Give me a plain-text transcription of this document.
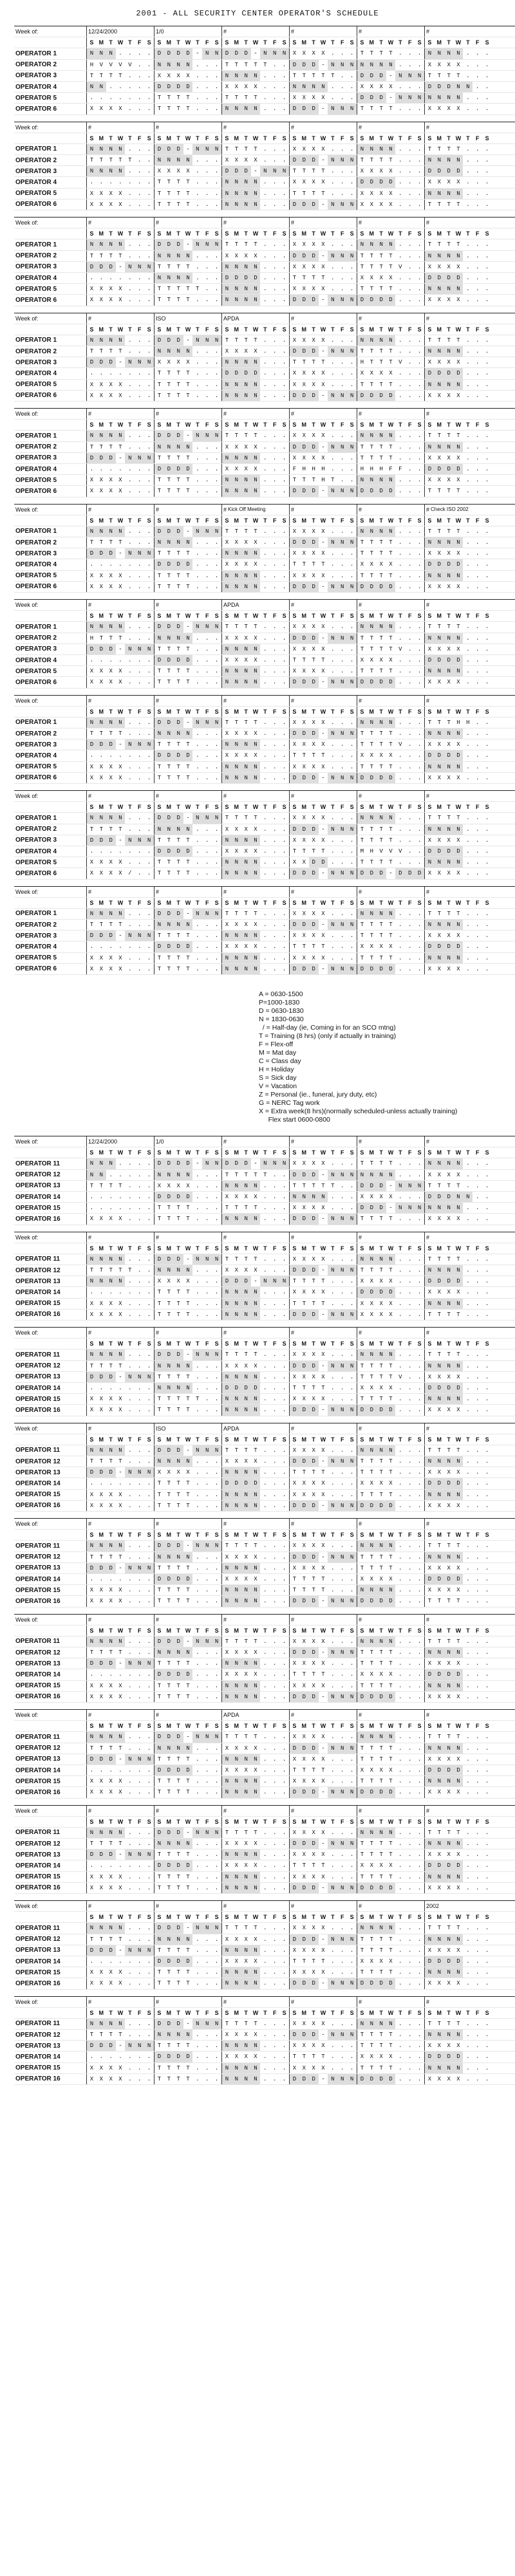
2001 - ALL SECURITY CENTER OPERATOR'S SCHEDULE
Week of:	12/24/2000	1/0	#	#	#	#
S M T W T	F	S	S M T W T	F	S	S M T W T	F	S	S M T W T	F	S	S M T W T	F	S	S M T W T	F	S
OPERATOR 1	N	N	N	.	.	.	.	D	D	D	D	-	N	N	D	D	D	-	N	N	N	X	X	X	X	.	.	.	T	T	T	T	.	.	.	N	N	N	N	.	.	.
OPERATOR 2	H	V	V	V	V	.	.	N	N	N	N	.	.	.	T	T	T	T	T	.	.	D	D	D	-	N	N	N	N	N	N	N	.	.	.	X	X	X	X	.	.	.
OPERATOR 3	T	T	T	T	.	.	.	X	X	X	X	.	.	.	N	N	N	N	.	.	.	T	T	T	T	T	.	.	D	D	D	-	N	N	N	T	T	T	T	.	.	.
OPERATOR 4	N	N	.	.	.	.	.	D	D	D	D	.	.	.	X	X	X	X	.	.	.	N	N	N	N	.	.	.	X	X	X	X	.	.	.	D	D	D	N	N	.	.
OPERATOR 5	.	.	.	.	.	.	.	T	T	T	T	.	.	.	T	T	T	T	.	.	.	X	X	X	X	.	.	.	D	D	D	-	N	N	N	N	N	N	N	.	.	.
OPERATOR 6	X	X	X	X	.	.	.	T	T	T	T	.	.	.	N	N	N	N	.	.	.	D	D	D	-	N	N	N	T	T	T	T	.	.	.	X	X	X	X	.	.	.
Week of:	#	#	#	#	#	#
S M T W T	F	S	S M T W T	F	S	S M T W T	F	S	S M T W T	F	S	S M T W T	F	S	S M T W T	F	S
OPERATOR 1	N	N	N	N	.	.	.	D	D	D	-	N	N	N	T	T	T	T	.	.	.	X	X	X	X	.	.	.	N	N	N	N	.	.	.	T	T	T	T	.	.	.
OPERATOR 2	T	T	T	T	T	.	.	N	N	N	N	.	.	.	X	X	X	X	.	.	.	D	D	D	-	N	N	N	T	T	T	T	.	.	.	N	N	N	N	.	.	.
OPERATOR 3	N	N	N	N	.	.	.	X	X	X	X	.	.	.	D	D	D	-	N	N	N	T	T	T	T	.	.	.	X	X	X	X	.	.	.	D	D	D	D	.	.	.
OPERATOR 4	.	.	.	.	.	.	.	T	T	T	T	.	.	.	N	N	N	N	.	.	.	X	X	X	X	.	.	.	D	D	D	D	.	.	.	X	X	X	X	.	.	.
OPERATOR 5	X	X	X	X	.	.	.	T	T	T	T	.	.	.	N	N	N	N	.	.	.	T	T	T	T	.	.	.	X	X	X	X	.	.	.	N	N	N	N	.	.	.
OPERATOR 6	X	X	X	X	.	.	.	T	T	T	T	.	.	.	N	N	N	N	.	.	.	D	D	D	-	N	N	N	X	X	X	X	.	.	.	T	T	T	T	.	.	.
Week of:	#	#	#	#	#	#
S M T W T	F	S	S M T W T	F	S	S M T W T	F	S	S M T W T	F	S	S M T W T	F	S	S M T W T	F	S
OPERATOR 1	N	N	N	N	.	.	.	D	D	D	-	N	N	N	T	T	T	T	.	.	.	X	X	X	X	.	.	.	N	N	N	N	.	.	.	T	T	T	T	.	.	.
OPERATOR 2	T	T	T	T	.	.	.	N	N	N	N	.	.	.	X	X	X	X	.	.	.	D	D	D	-	N	N	N	T	T	T	T	.	.	.	N	N	N	N	.	.	.
OPERATOR 3	D	D	D	-	N	N	N	T	T	T	T	.	.	.	N	N	N	N	.	.	.	X	X	X	X	.	.	.	T	T	T	T	V	.	.	X	X	X	X	.	.	.
OPERATOR 4	.	.	.	.	.	.	.	N	N	N	N	.	.	.	D	D	D	D	.	.	.	T	T	T	T	.	.	.	X	X	X	X	.	.	.	D	D	D	D	.	.	.
OPERATOR 5	X	X	X	X	.	.	.	T	T	T	T	T	.	.	N	N	N	N	.	.	.	X	X	X	X	.	.	.	T	T	T	T	.	.	.	N	N	N	N	.	.	.
OPERATOR 6	X	X	X	X	.	.	.	T	T	T	T	.	.	.	N	N	N	N	.	.	.	D	D	D	-	N	N	N	D	D	D	D	.	.	.	X	X	X	X	.	.	.
Week of:	#	ISO	APDA	#	#	#
S M T W T	F	S	S M T W T	F	S	S M T W T	F	S	S M T W T	F	S	S M T W T	F	S	S M T W T	F	S
OPERATOR 1	N	N	N	N	.	.	.	D	D	D	-	N	N	N	T	T	T	T	.	.	.	X	X	X	X	.	.	.	N	N	N	N	.	.	.	T	T	T	T	.	.	.
OPERATOR 2	T	T	T	T	.	.	.	N	N	N	N	.	.	.	X	X	X	X	.	.	.	D	D	D	-	N	N	N	T	T	T	T	.	.	.	N	N	N	N	.	.	.
OPERATOR 3	D	D	D	-	N	N	N	X	X	X	X	.	.	.	N	N	N	N	.	.	.	T	T	T	T	.	.	.	H	T	T	T	V	.	.	X	X	X	X	.	.	.
OPERATOR 4	.	.	.	.	.	.	.	T	T	T	T	.	.	.	D	D	D	D	.	.	.	X	X	X	X	.	.	.	X	X	X	X	.	.	.	D	D	D	D	.	.	.
OPERATOR 5	X	X	X	X	.	.	.	T	T	T	T	.	.	.	N	N	N	N	.	.	.	X	X	X	X	.	.	.	T	T	T	T	.	.	.	N	N	N	N	.	.	.
OPERATOR 6	X	X	X	X	.	.	.	T	T	T	T	.	.	.	N	N	N	N	.	.	.	D	D	D	-	N	N	N	D	D	D	D	.	.	.	X	X	X	X	.	.	.
Week of:	#	#	#	#	#	#
S M T W T	F	S	S M T W T	F	S	S M T W T	F	S	S M T W T	F	S	S M T W T	F	S	S M T W T	F	S
OPERATOR 1	N	N	N	N	.	.	.	D	D	D	-	N	N	N	T	T	T	T	.	.	.	X	X	X	X	.	.	.	N	N	N	N	.	.	.	T	T	T	T	.	.	.
OPERATOR 2	T	T	T	T	.	.	.	N	N	N	N	.	.	.	X	X	X	X	.	.	.	D	D	D	-	N	N	N	T	T	T	T	.	.	.	N	N	N	N	.	.	.
OPERATOR 3	D	D	D	-	N	N	N	T	T	T	T	.	.	.	N	N	N	N	.	.	.	X	X	X	X	.	.	.	T	T	T	T	.	.	.	X	X	X	X	.	.	.
OPERATOR 4	.	.	.	.	.	.	.	D	D	D	D	.	.	.	X	X	X	X	.	.	.	F	H	H	H	.	.	.	H	H	H	F	F	.	.	D	D	D	D	.	.	.
OPERATOR 5	X	X	X	X	.	.	.	T	T	T	T	.	.	.	N	N	N	N	.	.	.	T	T	T	H	T	.	.	N	N	N	N	.	.	.	X	X	X	X	.	.	.
OPERATOR 6	X	X	X	X	.	.	.	T	T	T	T	.	.	.	N	N	N	N	.	.	.	D	D	D	-	N	N	N	D	D	D	D	.	.	.	T	T	T	T	.	.	.
Week of:	#	#	# Kick Off Meeting	#	#	# Check ISO 2002
S M T W T	F	S	S M T W T	F	S	S M T W T	F	S	S M T W T	F	S	S M T W T	F	S	S M T W T	F	S
OPERATOR 1	N	N	N	N	.	.	.	D	D	D	-	N	N	N	T	T	T	T	.	.	.	X	X	X	X	.	.	.	N	N	N	N	.	.	.	T	T	T	T	.	.	.
OPERATOR 2	T	T	T	T	.	.	.	N	N	N	N	.	.	.	X	X	X	X	.	.	.	D	D	D	-	N	N	N	T	T	T	T	.	.	.	N	N	N	N	.	.	.
OPERATOR 3	D	D	D	-	N	N	N	T	T	T	T	.	.	.	N	N	N	N	.	.	.	X	X	X	X	.	.	.	T	T	T	T	.	.	.	X	X	X	X	.	.	.
OPERATOR 4	.	.	.	.	.	.	.	D	D	D	D	.	.	.	X	X	X	X	.	.	.	T	T	T	T	.	.	.	X	X	X	X	.	.	.	D	D	D	D	.	.	.
OPERATOR 5	X	X	X	X	.	.	.	T	T	T	T	.	.	.	N	N	N	N	.	.	.	X	X	X	X	.	.	.	T	T	T	T	.	.	.	N	N	N	N	.	.	.
OPERATOR 6	X	X	X	X	.	.	.	T	T	T	T	.	.	.	N	N	N	N	.	.	.	D	D	D	-	N	N	N	D	D	D	D	.	.	.	X	X	X	X	.	.	.
Week of:	#	#	APDA	#	#	#
S M T W T	F	S	S M T W T	F	S	S M T W T	F	S	S M T W T	F	S	S M T W T	F	S	S M T W T	F	S
OPERATOR 1	N	N	N	N	.	.	.	D	D	D	-	N	N	N	T	T	T	T	.	.	.	X	X	X	X	.	.	.	N	N	N	N	.	.	.	T	T	T	T	.	.	.
OPERATOR 2	H	T	T	T	.	.	.	N	N	N	N	.	.	.	X	X	X	X	.	.	.	D	D	D	-	N	N	N	T	T	T	T	.	.	.	N	N	N	N	.	.	.
OPERATOR 3	D	D	D	-	N	N	N	T	T	T	T	.	.	.	N	N	N	N	.	.	.	X	X	X	X	.	.	.	T	T	T	T	V	.	.	X	X	X	X	.	.	.
OPERATOR 4	.	.	.	.	.	.	.	D	D	D	D	.	.	.	X	X	X	X	.	.	.	T	T	T	T	.	.	.	X	X	X	X	.	.	.	D	D	D	D	.	.	.
OPERATOR 5	X	X	X	X	.	.	.	T	T	T	T	.	.	.	N	N	N	N	.	.	.	X	X	X	X	.	.	.	T	T	T	T	.	.	.	N	N	N	N	.	.	.
OPERATOR 6	X	X	X	X	.	.	.	T	T	T	T	.	.	.	N	N	N	N	.	.	.	D	D	D	-	N	N	N	D	D	D	D	.	.	.	X	X	X	X	.	.	.
Week of:	#	#	#	#	#	#
S M T W T	F	S	S M T W T	F	S	S M T W T	F	S	S M T W T	F	S	S M T W T	F	S	S M T W T	F	S
OPERATOR 1	N	N	N	N	.	.	.	D	D	D	-	N	N	N	T	T	T	T	.	.	.	X	X	X	X	.	.	.	N	N	N	N	.	.	.	T	T	T	H	H	.	.
OPERATOR 2	T	T	T	T	.	.	.	N	N	N	N	.	.	.	X	X	X	X	.	.	.	D	D	D	-	N	N	N	T	T	T	T	.	.	.	N	N	N	N	.	.	.
OPERATOR 3	D	D	D	-	N	N	N	T	T	T	T	.	.	.	N	N	N	N	.	.	.	X	X	X	X	.	.	.	T	T	T	T	V	.	.	X	X	X	X	.	.	.
OPERATOR 4	.	.	.	.	.	.	.	D	D	D	D	.	.	.	X	X	X	X	.	.	.	T	T	T	T	.	.	.	X	X	X	X	.	.	.	D	D	D	D	.	.	.
OPERATOR 5	X	X	X	X	.	.	.	T	T	T	T	.	.	.	N	N	N	N	.	.	.	X	X	X	X	.	.	.	T	T	T	T	.	.	.	N	N	N	N	.	.	.
OPERATOR 6	X	X	X	X	.	.	.	T	T	T	T	.	.	.	N	N	N	N	.	.	.	D	D	D	-	N	N	N	D	D	D	D	.	.	.	X	X	X	X	.	.	.
Week of:	#	#	#	#	#	#
S M T W T	F	S	S M T W T	F	S	S M T W T	F	S	S M T W T	F	S	S M T W T	F	S	S M T W T	F	S
OPERATOR 1	N	N	N	N	.	.	.	D	D	D	-	N	N	N	T	T	T	T	.	.	.	X	X	X	X	.	.	.	N	N	N	N	.	.	.	T	T	T	T	.	.	.
OPERATOR 2	T	T	T	T	.	.	.	N	N	N	N	.	.	.	X	X	X	X	.	.	.	D	D	D	-	N	N	N	T	T	T	T	.	.	.	N	N	N	N	.	.	.
OPERATOR 3	D	D	D	-	N	N	N	T	T	T	T	.	.	.	N	N	N	N	.	.	.	X	X	X	X	.	.	.	T	T	T	T	.	.	.	X	X	X	X	.	.	.
OPERATOR 4	.	.	.	.	.	.	.	D	D	D	D	.	.	.	X	X	X	X	.	.	.	T	T	T	T	.	.	.	M	H	V	V	V	.	.	D	D	D	D	.	.	.
OPERATOR 5	X	X	X	X	.	.	.	T	T	T	T	.	.	.	N	N	N	N	.	.	.	X	X	D	D	.	.	.	T	T	T	T	.	.	.	N	N	N	N	.	.	.
OPERATOR 6	X	X	X	X	/	.	.	T	T	T	T	.	.	.	N	N	N	N	.	.	.	D	D	D	-	N	N	N	D	D	D	-	D	D	D	X	X	X	X	.	.	.
Week of:	#	#	#	#	#	#
S M T W T	F	S	S M T W T	F	S	S M T W T	F	S	S M T W T	F	S	S M T W T	F	S	S M T W T	F	S
OPERATOR 1	N	N	N	N	.	.	.	D	D	D	-	N	N	N	T	T	T	T	.	.	.	X	X	X	X	.	.	.	N	N	N	N	.	.	.	T	T	T	T	.	.	.
OPERATOR 2	T	T	T	T	.	.	.	N	N	N	N	.	.	.	X	X	X	X	.	.	.	D	D	D	-	N	N	N	T	T	T	T	.	.	.	N	N	N	N	.	.	.
OPERATOR 3	D	D	D	-	N	N	N	T	T	T	T	.	.	.	N	N	N	N	.	.	.	X	X	X	X	.	.	.	T	T	T	T	.	.	.	X	X	X	X	.	.	.
OPERATOR 4	.	.	.	.	.	.	.	D	D	D	D	.	.	.	X	X	X	X	.	.	.	T	T	T	T	.	.	.	X	X	X	X	.	.	.	D	D	D	D	.	.	.
OPERATOR 5	X	X	X	X	.	.	.	T	T	T	T	.	.	.	N	N	N	N	.	.	.	X	X	X	X	.	.	.	T	T	T	T	.	.	.	N	N	N	N	.	.	.
OPERATOR 6	X	X	X	X	.	.	.	T	T	T	T	.	.	.	N	N	N	N	.	.	.	D	D	D	-	N	N	N	D	D	D	D	.	.	.	X	X	X	X	.	.	.
A = 0630-1500
P=1000-1830
D = 0630-1830
N = 1830-0630
/ = Half-day (ie, Coming in for an SCO mtng)
T = Training (8 hrs) (only if actually in training)
F = Flex-off
M = Mat day
C = Class day
H = Holiday
S = Sick day
V = Vacation
Z = Personal (ie., funeral, jury duty, etc)
G = NERC Tag work
X = Extra week(8 hrs)(normally scheduled-unless actually training)
Flex start 0600-0800
Week of:	12/24/2000	1/0	#	#	#	#
S M T W T	F	S	S M T W T	F	S	S M T W T	F	S	S M T W T	F	S	S M T W T	F	S	S M T W T	F	S
OPERATOR 11	N	N	N	.	.	.	.	D	D	D	D	-	N	N	D	D	D	-	N	N	N	X	X	X	X	.	.	.	T	T	T	T	.	.	.	N	N	N	N	.	.	.
OPERATOR 12	N	N	.	.	.	.	.	N	N	N	N	.	.	.	T	T	T	T	T	.	.	D	D	D	-	N	N	N	N	N	N	N	.	.	.	X	X	X	X	.	.	.
OPERATOR 13	T	T	T	T	.	.	.	X	X	X	X	.	.	.	N	N	N	N	.	.	.	T	T	T	T	T	.	.	D	D	D	-	N	N	N	T	T	T	T	.	.	.
OPERATOR 14	.	.	.	.	.	.	.	D	D	D	D	.	.	.	X	X	X	X	.	.	.	N	N	N	N	.	.	.	X	X	X	X	.	.	.	D	D	D	N	N	.	.
OPERATOR 15	.	.	.	.	.	.	.	T	T	T	T	.	.	.	T	T	T	T	.	.	.	X	X	X	X	.	.	.	D	D	D	-	N	N	N	N	N	N	N	.	.	.
OPERATOR 16	X	X	X	X	.	.	.	T	T	T	T	.	.	.	N	N	N	N	.	.	.	D	D	D	-	N	N	N	T	T	T	T	.	.	.	X	X	X	X	.	.	.
Week of:	#	#	#	#	#	#
S M T W T	F	S	S M T W T	F	S	S M T W T	F	S	S M T W T	F	S	S M T W T	F	S	S M T W T	F	S
OPERATOR 11	N	N	N	N	.	.	.	D	D	D	-	N	N	N	T	T	T	T	.	.	.	X	X	X	X	.	.	.	N	N	N	N	.	.	.	T	T	T	T	.	.	.
OPERATOR 12	T	T	T	T	T	.	.	N	N	N	N	.	.	.	X	X	X	X	.	.	.	D	D	D	-	N	N	N	T	T	T	T	.	.	.	N	N	N	N	.	.	.
OPERATOR 13	N	N	N	N	.	.	.	X	X	X	X	.	.	.	D	D	D	-	N	N	N	T	T	T	T	.	.	.	X	X	X	X	.	.	.	D	D	D	D	.	.	.
OPERATOR 14	.	.	.	.	.	.	.	T	T	T	T	.	.	.	N	N	N	N	.	.	.	X	X	X	X	.	.	.	D	D	D	D	.	.	.	X	X	X	X	.	.	.
OPERATOR 15	X	X	X	X	.	.	.	T	T	T	T	.	.	.	N	N	N	N	.	.	.	T	T	T	T	.	.	.	X	X	X	X	.	.	.	N	N	N	N	.	.	.
OPERATOR 16	X	X	X	X	.	.	.	T	T	T	T	.	.	.	N	N	N	N	.	.	.	D	D	D	-	N	N	N	X	X	X	X	.	.	.	T	T	T	T	.	.	.
Week of:	#	#	#	#	#	#
S M T W T	F	S	S M T W T	F	S	S M T W T	F	S	S M T W T	F	S	S M T W T	F	S	S M T W T	F	S
OPERATOR 11	N	N	N	N	.	.	.	D	D	D	-	N	N	N	T	T	T	T	.	.	.	X	X	X	X	.	.	.	N	N	N	N	.	.	.	T	T	T	T	.	.	.
OPERATOR 12	T	T	T	T	.	.	.	N	N	N	N	.	.	.	X	X	X	X	.	.	.	D	D	D	-	N	N	N	T	T	T	T	.	.	.	N	N	N	N	.	.	.
OPERATOR 13	D	D	D	-	N	N	N	T	T	T	T	.	.	.	N	N	N	N	.	.	.	X	X	X	X	.	.	.	T	T	T	T	V	.	.	X	X	X	X	.	.	.
OPERATOR 14	.	.	.	.	.	.	.	N	N	N	N	.	.	.	D	D	D	D	.	.	.	T	T	T	T	.	.	.	X	X	X	X	.	.	.	D	D	D	D	.	.	.
OPERATOR 15	X	X	X	X	.	.	.	T	T	T	T	T	.	.	N	N	N	N	.	.	.	X	X	X	X	.	.	.	T	T	T	T	.	.	.	N	N	N	N	.	.	.
OPERATOR 16	X	X	X	X	.	.	.	T	T	T	T	.	.	.	N	N	N	N	.	.	.	D	D	D	-	N	N	N	D	D	D	D	.	.	.	X	X	X	X	.	.	.
Week of:	#	ISO	APDA	#	#	#
S M T W T	F	S	S M T W T	F	S	S M T W T	F	S	S M T W T	F	S	S M T W T	F	S	S M T W T	F	S
OPERATOR 11	N	N	N	N	.	.	.	D	D	D	-	N	N	N	T	T	T	T	.	.	.	X	X	X	X	.	.	.	N	N	N	N	.	.	.	T	T	T	T	.	.	.
OPERATOR 12	T	T	T	T	.	.	.	N	N	N	N	.	.	.	X	X	X	X	.	.	.	D	D	D	-	N	N	N	T	T	T	T	.	.	.	N	N	N	N	.	.	.
OPERATOR 13	D	D	D	-	N	N	N	X	X	X	X	.	.	.	N	N	N	N	.	.	.	T	T	T	T	.	.	.	T	T	T	T	.	.	.	X	X	X	X	.	.	.
OPERATOR 14	.	.	.	.	.	.	.	T	T	T	T	.	.	.	D	D	D	D	.	.	.	X	X	X	X	.	.	.	X	X	X	X	.	.	.	D	D	D	D	.	.	.
OPERATOR 15	X	X	X	X	.	.	.	T	T	T	T	.	.	.	N	N	N	N	.	.	.	X	X	X	X	.	.	.	T	T	T	T	.	.	.	N	N	N	N	.	.	.
OPERATOR 16	X	X	X	X	.	.	.	T	T	T	T	.	.	.	N	N	N	N	.	.	.	D	D	D	-	N	N	N	D	D	D	D	.	.	.	X	X	X	X	.	.	.
Week of:	#	#	#	#	#	#
S M T W T	F	S	S M T W T	F	S	S M T W T	F	S	S M T W T	F	S	S M T W T	F	S	S M T W T	F	S
OPERATOR 11	N	N	N	N	.	.	.	D	D	D	-	N	N	N	T	T	T	T	.	.	.	X	X	X	X	.	.	.	N	N	N	N	.	.	.	T	T	T	T	.	.	.
OPERATOR 12	T	T	T	T	.	.	.	N	N	N	N	.	.	.	X	X	X	X	.	.	.	D	D	D	-	N	N	N	T	T	T	T	.	.	.	N	N	N	N	.	.	.
OPERATOR 13	D	D	D	-	N	N	N	T	T	T	T	.	.	.	N	N	N	N	.	.	.	X	X	X	X	.	.	.	T	T	T	T	.	.	.	X	X	X	X	.	.	.
OPERATOR 14	.	.	.	.	.	.	.	D	D	D	D	.	.	.	X	X	X	X	.	.	.	T	T	T	T	.	.	.	X	X	X	X	.	.	.	D	D	D	D	.	.	.
OPERATOR 15	X	X	X	X	.	.	.	T	T	T	T	.	.	.	N	N	N	N	.	.	.	T	T	T	T	.	.	.	N	N	N	N	.	.	.	X	X	X	X	.	.	.
OPERATOR 16	X	X	X	X	.	.	.	T	T	T	T	.	.	.	N	N	N	N	.	.	.	D	D	D	-	N	N	N	D	D	D	D	.	.	.	T	T	T	T	.	.	.
Week of:	#	#	#	#	#	#
S M T W T	F	S	S M T W T	F	S	S M T W T	F	S	S M T W T	F	S	S M T W T	F	S	S M T W T	F	S
OPERATOR 11	N	N	N	N	.	.	.	D	D	D	-	N	N	N	T	T	T	T	.	.	.	X	X	X	X	.	.	.	N	N	N	N	.	.	.	T	T	T	T	.	.	.
OPERATOR 12	T	T	T	T	.	.	.	N	N	N	N	.	.	.	X	X	X	X	.	.	.	D	D	D	-	N	N	N	T	T	T	T	.	.	.	N	N	N	N	.	.	.
OPERATOR 13	D	D	D	-	N	N	N	T	T	T	T	.	.	.	N	N	N	N	.	.	.	X	X	X	X	.	.	.	T	T	T	T	.	.	.	X	X	X	X	.	.	.
OPERATOR 14	.	.	.	.	.	.	.	D	D	D	D	.	.	.	X	X	X	X	.	.	.	T	T	T	T	.	.	.	X	X	X	X	.	.	.	D	D	D	D	.	.	.
OPERATOR 15	X	X	X	X	.	.	.	T	T	T	T	.	.	.	N	N	N	N	.	.	.	X	X	X	X	.	.	.	T	T	T	T	.	.	.	N	N	N	N	.	.	.
OPERATOR 16	X	X	X	X	.	.	.	T	T	T	T	.	.	.	N	N	N	N	.	.	.	D	D	D	-	N	N	N	D	D	D	D	.	.	.	X	X	X	X	.	.	.
Week of:	#	#	APDA	#	#	#
S M T W T	F	S	S M T W T	F	S	S M T W T	F	S	S M T W T	F	S	S M T W T	F	S	S M T W T	F	S
OPERATOR 11	N	N	N	N	.	.	.	D	D	D	-	N	N	N	T	T	T	T	.	.	.	X	X	X	X	.	.	.	N	N	N	N	.	.	.	T	T	T	T	.	.	.
OPERATOR 12	T	T	T	T	.	.	.	N	N	N	N	.	.	.	X	X	X	X	.	.	.	D	D	D	-	N	N	N	T	T	T	T	.	.	.	N	N	N	N	.	.	.
OPERATOR 13	D	D	D	-	N	N	N	T	T	T	T	.	.	.	N	N	N	N	.	.	.	X	X	X	X	.	.	.	T	T	T	T	.	.	.	X	X	X	X	.	.	.
OPERATOR 14	.	.	.	.	.	.	.	D	D	D	D	.	.	.	X	X	X	X	.	.	.	T	T	T	T	.	.	.	X	X	X	X	.	.	.	D	D	D	D	.	.	.
OPERATOR 15	X	X	X	X	.	.	.	T	T	T	T	.	.	.	N	N	N	N	.	.	.	X	X	X	X	.	.	.	T	T	T	T	.	.	.	N	N	N	N	.	.	.
OPERATOR 16	X	X	X	X	.	.	.	T	T	T	T	.	.	.	N	N	N	N	.	.	.	D	D	D	-	N	N	N	D	D	D	D	.	.	.	X	X	X	X	.	.	.
Week of:	#	#	#	#	#	#
S M T W T	F	S	S M T W T	F	S	S M T W T	F	S	S M T W T	F	S	S M T W T	F	S	S M T W T	F	S
OPERATOR 11	N	N	N	N	.	.	.	D	D	D	-	N	N	N	T	T	T	T	.	.	.	X	X	X	X	.	.	.	N	N	N	N	.	.	.	T	T	T	T	.	.	.
OPERATOR 12	T	T	T	T	.	.	.	N	N	N	N	.	.	.	X	X	X	X	.	.	.	D	D	D	-	N	N	N	T	T	T	T	.	.	.	N	N	N	N	.	.	.
OPERATOR 13	D	D	D	-	N	N	N	T	T	T	T	.	.	.	N	N	N	N	.	.	.	X	X	X	X	.	.	.	T	T	T	T	.	.	.	X	X	X	X	.	.	.
OPERATOR 14	.	.	.	.	.	.	.	D	D	D	D	.	.	.	X	X	X	X	.	.	.	T	T	T	T	.	.	.	X	X	X	X	.	.	.	D	D	D	D	.	.	.
OPERATOR 15	X	X	X	X	.	.	.	T	T	T	T	.	.	.	N	N	N	N	.	.	.	X	X	X	X	.	.	.	T	T	T	T	.	.	.	N	N	N	N	.	.	.
OPERATOR 16	X	X	X	X	.	.	.	T	T	T	T	.	.	.	N	N	N	N	.	.	.	D	D	D	-	N	N	N	D	D	D	D	.	.	.	X	X	X	X	.	.	.
Week of:	#	#	#	#	#	2002
S M T W T	F	S	S M T W T	F	S	S M T W T	F	S	S M T W T	F	S	S M T W T	F	S	S M T W T	F	S
OPERATOR 11	N	N	N	N	.	.	.	D	D	D	-	N	N	N	T	T	T	T	.	.	.	X	X	X	X	.	.	.	N	N	N	N	.	.	.	T	T	T	T	.	.	.
OPERATOR 12	T	T	T	T	.	.	.	N	N	N	N	.	.	.	X	X	X	X	.	.	.	D	D	D	-	N	N	N	T	T	T	T	.	.	.	N	N	N	N	.	.	.
OPERATOR 13	D	D	D	-	N	N	N	T	T	T	T	.	.	.	N	N	N	N	.	.	.	X	X	X	X	.	.	.	T	T	T	T	.	.	.	X	X	X	X	.	.	.
OPERATOR 14	.	.	.	.	.	.	.	D	D	D	D	.	.	.	X	X	X	X	.	.	.	T	T	T	T	.	.	.	X	X	X	X	.	.	.	D	D	D	D	.	.	.
OPERATOR 15	X	X	X	X	.	.	.	T	T	T	T	.	.	.	N	N	N	N	.	.	.	X	X	X	X	.	.	.	T	T	T	T	.	.	.	N	N	N	N	.	.	.
OPERATOR 16	X	X	X	X	.	.	.	T	T	T	T	.	.	.	N	N	N	N	.	.	.	D	D	D	-	N	N	N	D	D	D	D	.	.	.	X	X	X	X	.	.	.
Week of:	#	#	#	#	#	#
S M T W T	F	S	S M T W T	F	S	S M T W T	F	S	S M T W T	F	S	S M T W T	F	S	S M T W T	F	S
OPERATOR 11	N	N	N	N	.	.	.	D	D	D	-	N	N	N	T	T	T	T	.	.	.	X	X	X	X	.	.	.	N	N	N	N	.	.	.	T	T	T	T	.	.	.
OPERATOR 12	T	T	T	T	.	.	.	N	N	N	N	.	.	.	X	X	X	X	.	.	.	D	D	D	-	N	N	N	T	T	T	T	.	.	.	N	N	N	N	.	.	.
OPERATOR 13	D	D	D	-	N	N	N	T	T	T	T	.	.	.	N	N	N	N	.	.	.	X	X	X	X	.	.	.	T	T	T	T	.	.	.	X	X	X	X	.	.	.
OPERATOR 14	.	.	.	.	.	.	.	D	D	D	D	.	.	.	X	X	X	X	.	.	.	T	T	T	T	.	.	.	X	X	X	X	.	.	.	D	D	D	D	.	.	.
OPERATOR 15	X	X	X	X	.	.	.	T	T	T	T	.	.	.	N	N	N	N	.	.	.	X	X	X	X	.	.	.	T	T	T	T	.	.	.	N	N	N	N	.	.	.
OPERATOR 16	X	X	X	X	.	.	.	T	T	T	T	.	.	.	N	N	N	N	.	.	.	D	D	D	-	N	N	N	D	D	D	D	.	.	.	X	X	X	X	.	.	.
